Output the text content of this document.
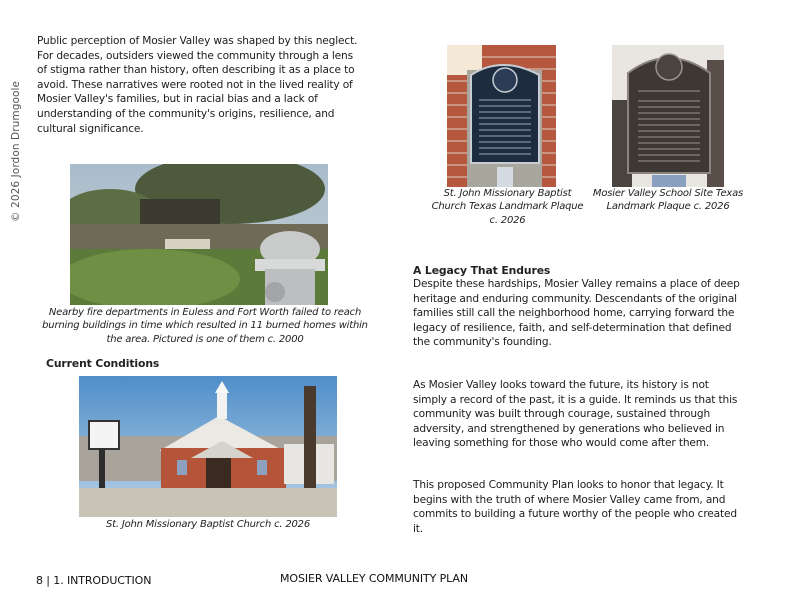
© 2026 Jordon Drumgoole

Public perception of Mosier Valley was shaped by this neglect. For decades, outsiders viewed the community through a lens of stigma rather than history, often describing it as a place to avoid. These narratives were rooted not in the lived reality of Mosier Valley's families, but in racial bias and a lack of understanding of the community's origins, resilience, and cultural significance.

Nearby fire departments in Euless and Fort Worth failed to reach burning buildings in time which resulted in 11 burned homes within the area. Pictured is one of them c. 2000

Current Conditions

St. John Missionary Baptist Church c. 2026

St. John Missionary Baptist Church Texas Landmark Plaque c. 2026

Mosier Valley School Site Texas Landmark Plaque c. 2026

A Legacy That Endures

Despite these hardships, Mosier Valley remains a place of deep heritage and enduring community. Descendants of the original families still call the neighborhood home, carrying forward the legacy of resilience, faith, and self-determination that defined the community's founding.

As Mosier Valley looks toward the future, its history is not simply a record of the past, it is a guide. It reminds us that this community was built through courage, sustained through adversity, and strengthened by generations who believed in leaving something for those who would come after them.

This proposed Community Plan looks to honor that legacy. It begins with the truth of where Mosier Valley came from, and commits to building a future worthy of the people who created it.

8 | 1. INTRODUCTION	MOSIER VALLEY COMMUNITY PLAN
